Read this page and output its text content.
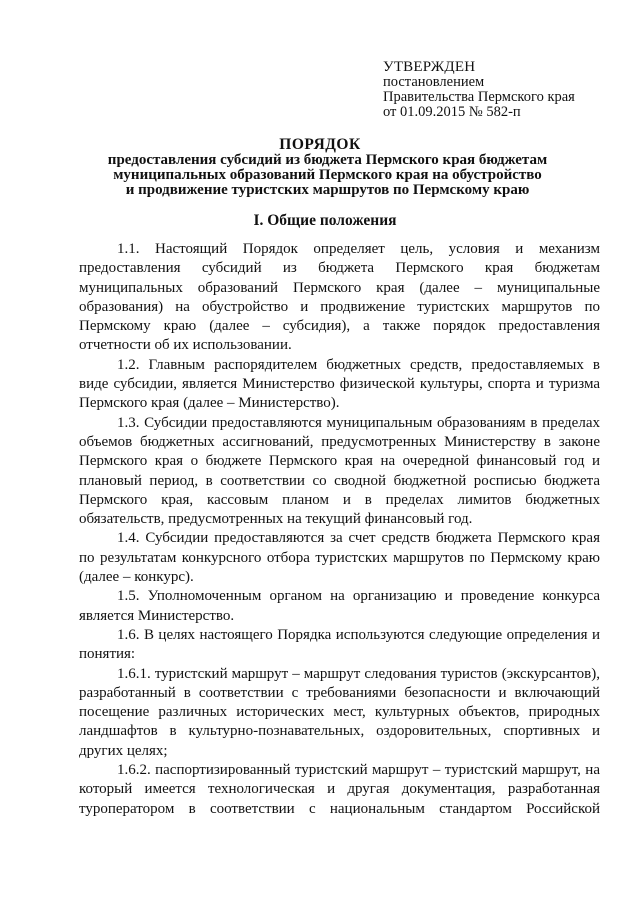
УТВЕРЖДЕН
постановлением
Правительства Пермского края
от 01.09.2015 № 582-п
ПОРЯДОК
предоставления субсидий из бюджета Пермского края бюджетам
муниципальных образований Пермского края на обустройство
и продвижение туристских маршрутов по Пермскому краю
I. Общие положения

1.1. Настоящий Порядок определяет цель, условия и механизм предоставления субсидий из бюджета Пермского края бюджетам муниципальных образований Пермского края (далее – муниципальные образования) на обустройство и продвижение туристских маршрутов по Пермскому краю (далее – субсидия), а также порядок предоставления отчетности об их использовании.

1.2. Главным распорядителем бюджетных средств, предоставляемых в виде субсидии, является Министерство физической культуры, спорта и туризма Пермского края (далее – Министерство).

1.3. Субсидии предоставляются муниципальным образованиям в пределах объемов бюджетных ассигнований, предусмотренных Министерству в законе Пермского края о бюджете Пермского края на очередной финансовый год и плановый период, в соответствии со сводной бюджетной росписью бюджета Пермского края, кассовым планом и в пределах лимитов бюджетных обязательств, предусмотренных на текущий финансовый год.

1.4. Субсидии предоставляются за счет средств бюджета Пермского края по результатам конкурсного отбора туристских маршрутов по Пермскому краю (далее – конкурс).

1.5. Уполномоченным органом на организацию и проведение конкурса является Министерство.

1.6. В целях настоящего Порядка используются следующие определения и понятия:

1.6.1. туристский маршрут – маршрут следования туристов (экскурсантов), разработанный в соответствии с требованиями безопасности и включающий посещение различных исторических мест, культурных объектов, природных ландшафтов в культурно-познавательных, оздоровительных, спортивных и других целях;

1.6.2. паспортизированный туристский маршрут – туристский маршрут, на который имеется технологическая и другая документация, разработанная туроператором в соответствии с национальным стандартом Российской
